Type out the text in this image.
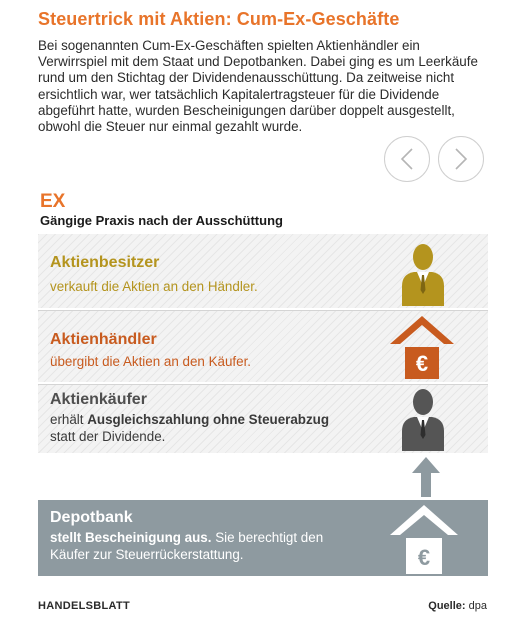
Steuertrick mit Aktien: Cum-Ex-Geschäfte

Bei sogenannten Cum-Ex-Geschäften spielten Aktienhändler ein Verwirrspiel mit dem Staat und Depotbanken. Dabei ging es um Leerkäufe rund um den Stichtag der Dividendenausschüttung. Da zeitweise nicht ersichtlich war, wer tatsächlich Kapitalertragsteuer für die Dividende abgeführt hatte, wurden Bescheinigungen darüber doppelt ausgestellt, obwohl die Steuer nur einmal gezahlt wurde.

EX
Gängige Praxis nach der Ausschüttung
Aktienbesitzer
verkauft die Aktien an den Händler.
Aktienhändler
übergibt die Aktien an den Käufer.	€
Aktienkäufer
erhält Ausgleichszahlung ohne Steuerabzug
statt der Dividende.
Depotbank
stellt Bescheinigung aus. Sie berechtigt den Käufer zur Steuerrückerstattung.	€
HANDELSBLATT	Quelle: dpa
